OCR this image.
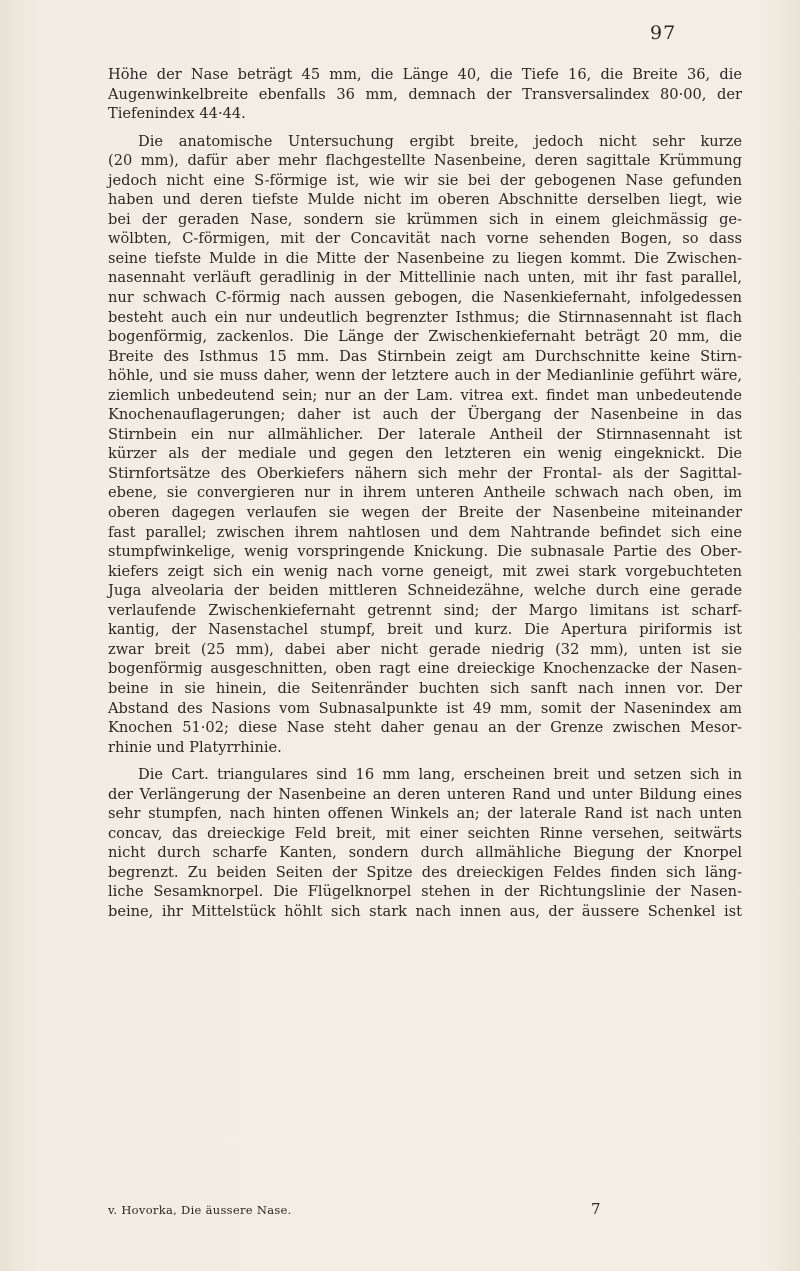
97

Höhe der Nase beträgt 45 mm, die Länge 40, die Tiefe 16, die Breite 36, die

Augenwinkelbreite ebenfalls 36 mm, demnach der Transversalindex 80·00, der

Tiefenindex 44·44.

Die anatomische Untersuchung ergibt breite, jedoch nicht sehr kurze

(20 mm), dafür aber mehr flachgestellte Nasenbeine, deren sagittale Krümmung

jedoch nicht eine S-förmige ist, wie wir sie bei der gebogenen Nase gefunden

haben und deren tiefste Mulde nicht im oberen Abschnitte derselben liegt, wie

bei der geraden Nase, sondern sie krümmen sich in einem gleichmässig ge-

wölbten, C-förmigen, mit der Concavität nach vorne sehenden Bogen, so dass

seine tiefste Mulde in die Mitte der Nasenbeine zu liegen kommt. Die Zwischen-

nasennaht verläuft geradlinig in der Mittellinie nach unten, mit ihr fast parallel,

nur schwach C-förmig nach aussen gebogen, die Nasenkiefernaht, infolgedessen

besteht auch ein nur undeutlich begrenzter Isthmus; die Stirnnasennaht ist flach

bogenförmig, zackenlos. Die Länge der Zwischenkiefernaht beträgt 20 mm, die

Breite des Isthmus 15 mm. Das Stirnbein zeigt am Durchschnitte keine Stirn-

höhle, und sie muss daher, wenn der letztere auch in der Medianlinie geführt wäre,

ziemlich unbedeutend sein; nur an der Lam. vitrea ext. findet man unbedeutende

Knochenauflagerungen; daher ist auch der Übergang der Nasenbeine in das

Stirnbein ein nur allmählicher. Der laterale Antheil der Stirnnasennaht ist

kürzer als der mediale und gegen den letzteren ein wenig eingeknickt. Die

Stirnfortsätze des Oberkiefers nähern sich mehr der Frontal- als der Sagittal-

ebene, sie convergieren nur in ihrem unteren Antheile schwach nach oben, im

oberen dagegen verlaufen sie wegen der Breite der Nasenbeine miteinander

fast parallel; zwischen ihrem nahtlosen und dem Nahtrande befindet sich eine

stumpfwinkelige, wenig vorspringende Knickung. Die subnasale Partie des Ober-

kiefers zeigt sich ein wenig nach vorne geneigt, mit zwei stark vorgebuchteten

Juga alveolaria der beiden mittleren Schneidezähne, welche durch eine gerade

verlaufende Zwischenkiefernaht getrennt sind; der Margo limitans ist scharf-

kantig, der Nasenstachel stumpf, breit und kurz. Die Apertura piriformis ist

zwar breit (25 mm), dabei aber nicht gerade niedrig (32 mm), unten ist sie

bogenförmig ausgeschnitten, oben ragt eine dreieckige Knochenzacke der Nasen-

beine in sie hinein, die Seitenränder buchten sich sanft nach innen vor. Der

Abstand des Nasions vom Subnasalpunkte ist 49 mm, somit der Nasenindex am

Knochen 51·02; diese Nase steht daher genau an der Grenze zwischen Mesor-

rhinie und Platyrrhinie.

Die Cart. triangulares sind 16 mm lang, erscheinen breit und setzen sich in

der Verlängerung der Nasenbeine an deren unteren Rand und unter Bildung eines

sehr stumpfen, nach hinten offenen Winkels an; der laterale Rand ist nach unten

concav, das dreieckige Feld breit, mit einer seichten Rinne versehen, seitwärts

nicht durch scharfe Kanten, sondern durch allmähliche Biegung der Knorpel

begrenzt. Zu beiden Seiten der Spitze des dreieckigen Feldes finden sich läng-

liche Sesamknorpel. Die Flügelknorpel stehen in der Richtungslinie der Nasen-

beine, ihr Mittelstück höhlt sich stark nach innen aus, der äussere Schenkel ist

v. Hovorka, Die äussere Nase.	7
